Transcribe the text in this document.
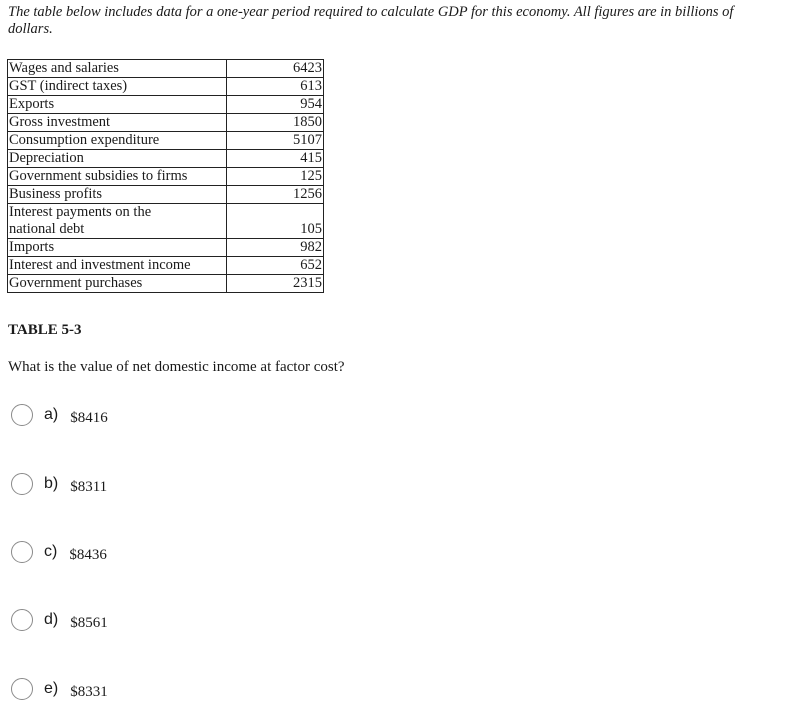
The table below includes data for a one-year period required to calculate GDP for this economy. All figures are in billions of dollars.

Wages and salaries	6423
GST (indirect taxes)	613
Exports	954
Gross investment	1850
Consumption expenditure	5107
Depreciation	415
Government subsidies to firms	125
Business profits	1256
Interest payments on the national debt	105
Imports	982
Interest and investment income	652
Government purchases	2315

TABLE 5-3

What is the value of net domestic income at factor cost?

a) $8416
b) $8311
c) $8436
d) $8561
e) $8331
